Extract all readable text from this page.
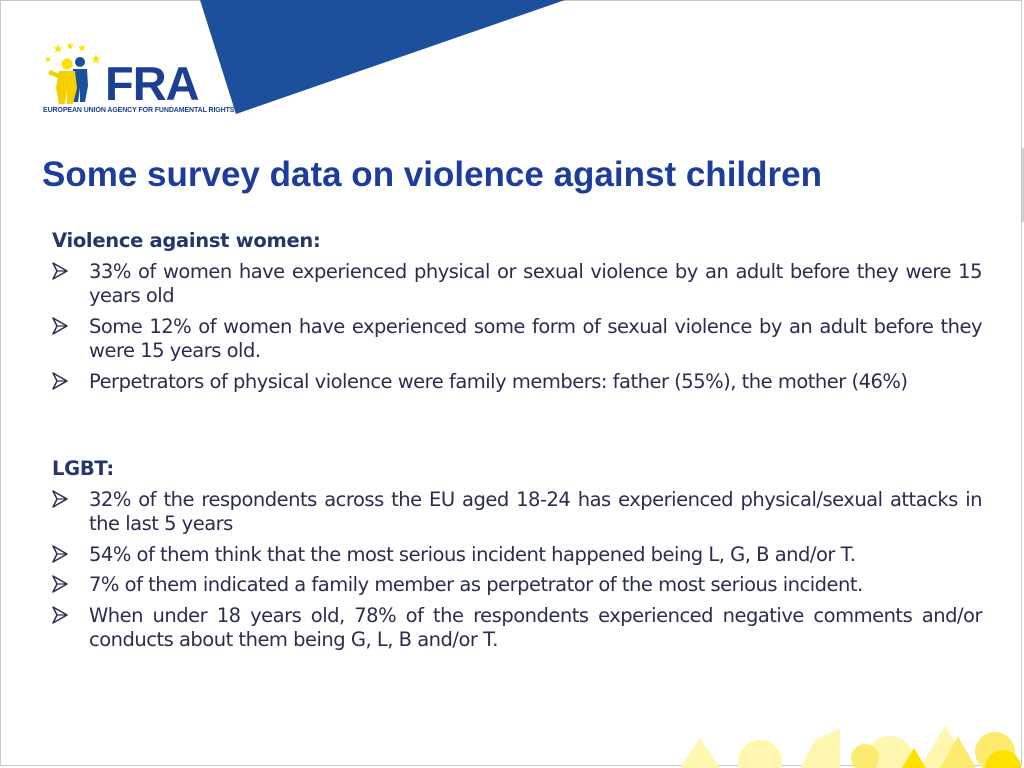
FRA
EUROPEAN UNION AGENCY FOR FUNDAMENTAL RIGHTS
Some survey data on violence against children

Violence against women:

33% of women have experienced physical or sexual violence by an adult before they were 15 years old
Some 12% of women have experienced some form of sexual violence by an adult before they were 15 years old.
Perpetrators of physical violence were family members: father (55%), the mother (46%)

LGBT:

32% of the respondents across the EU aged 18-24 has experienced physical/sexual attacks in the last 5 years
54% of them think that the most serious incident happened being L, G, B and/or T.
7% of them indicated a family member as perpetrator of the most serious incident.
When under 18 years old, 78% of the respondents experienced negative comments and/or conducts about them being G, L, B and/or T.
